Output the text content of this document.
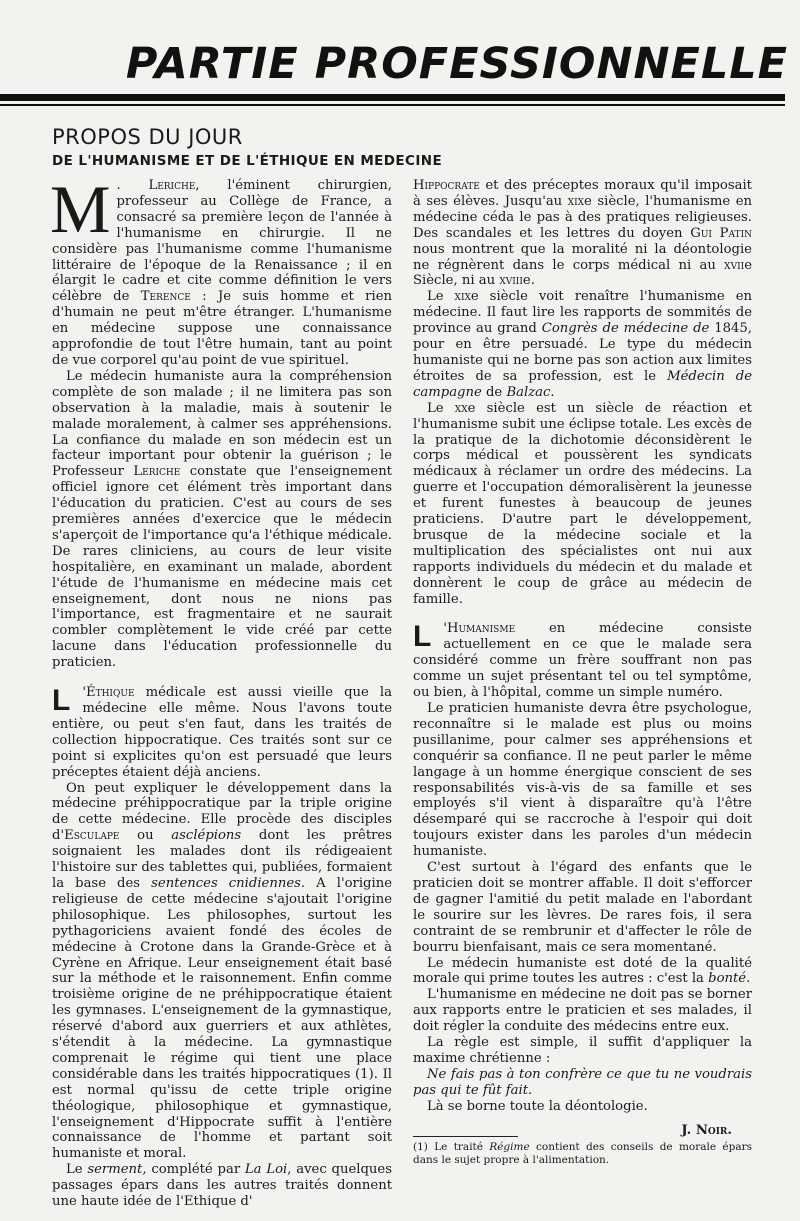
PARTIE PROFESSIONNELLE
PROPOS DU JOUR
DE L'HUMANISME ET DE L'ÉTHIQUE EN MEDECINE

M . Leriche, l'éminent chirurgien, professeur au Collège de France, a consacré sa première leçon de l'année à l'humanisme en chirurgie. Il ne considère pas l'humanisme comme l'humanisme littéraire de l'époque de la Renaissance ; il en élargit le cadre et cite comme définition le vers célèbre de Terence : Je suis homme et rien d'humain ne peut m'être étranger. L'humanisme en médecine suppose une connaissance approfondie de tout l'être humain, tant au point de vue corporel qu'au point de vue spirituel.

Le médecin humaniste aura la compréhension complète de son malade ; il ne limitera pas son observation à la maladie, mais à soutenir le malade moralement, à calmer ses appréhensions. La confiance du malade en son médecin est un facteur important pour obtenir la guérison ; le Professeur Leriche constate que l'enseignement officiel ignore cet élément très important dans l'éducation du praticien. C'est au cours de ses premières années d'exercice que le médecin s'aperçoit de l'importance qu'a l'éthique médicale. De rares cliniciens, au cours de leur visite hospitalière, en examinant un malade, abordent l'étude de l'humanisme en médecine mais cet enseignement, dont nous ne nions pas l'importance, est fragmentaire et ne saurait combler complètement le vide créé par cette lacune dans l'éducation professionnelle du praticien.

L 'Éthique médicale est aussi vieille que la médecine elle même. Nous l'avons toute entière, ou peut s'en faut, dans les traités de collection hippocratique. Ces traités sont sur ce point si explicites qu'on est persuadé que leurs préceptes étaient déjà anciens.

On peut expliquer le développement dans la médecine préhippocratique par la triple origine de cette médecine. Elle procède des disciples d'Esculape ou asclépions dont les prêtres soignaient les malades dont ils rédigeaient l'histoire sur des tablettes qui, publiées, formaient la base des sentences cnidiennes. A l'origine religieuse de cette médecine s'ajoutait l'origine philosophique. Les philosophes, surtout les pythagoriciens avaient fondé des écoles de médecine à Crotone dans la Grande-Grèce et à Cyrène en Afrique. Leur enseignement était basé sur la méthode et le raisonnement. Enfin comme troisième origine de ne préhippocratique étaient les gymnases. L'enseignement de la gymnastique, réservé d'abord aux guerriers et aux athlètes, s'étendit à la médecine. La gymnastique comprenait le régime qui tient une place considérable dans les traités hippocratiques (1). Il est normal qu'issu de cette triple origine théologique, philosophique et gymnastique, l'enseignement d'Hippocrate suffit à l'entière connaissance de l'homme et partant soit humaniste et moral.

Le serment, complété par La Loi, avec quelques passages épars dans les autres traités donnent une haute idée de l'Ethique d'

Hippocrate et des préceptes moraux qu'il imposait à ses élèves. Jusqu'au xixe siècle, l'humanisme en médecine céda le pas à des pratiques religieuses. Des scandales et les lettres du doyen Gui Patin nous montrent que la moralité ni la déontologie ne régnèrent dans le corps médical ni au xviie Siècle, ni au xviiie.

Le xixe siècle voit renaître l'humanisme en médecine. Il faut lire les rapports de sommités de province au grand Congrès de médecine de 1845, pour en être persuadé. Le type du médecin humaniste qui ne borne pas son action aux limites étroites de sa profession, est le Médecin de campagne de Balzac.

Le xxe siècle est un siècle de réaction et l'humanisme subit une éclipse totale. Les excès de la pratique de la dichotomie déconsidèrent le corps médical et poussèrent les syndicats médicaux à réclamer un ordre des médecins. La guerre et l'occupation démoralisèrent la jeunesse et furent funestes à beaucoup de jeunes praticiens. D'autre part le développement, brusque de la médecine sociale et la multiplication des spécialistes ont nui aux rapports individuels du médecin et du malade et donnèrent le coup de grâce au médecin de famille.

L 'Humanisme en médecine consiste actuellement en ce que le malade sera considéré comme un frère souffrant non pas comme un sujet présentant tel ou tel symptôme, ou bien, à l'hôpital, comme un simple numéro.

Le praticien humaniste devra être psychologue, reconnaître si le malade est plus ou moins pusillanime, pour calmer ses appréhensions et conquérir sa confiance. Il ne peut parler le même langage à un homme énergique conscient de ses responsabilités vis-à-vis de sa famille et ses employés s'il vient à disparaître qu'à l'être désemparé qui se raccroche à l'espoir qui doit toujours exister dans les paroles d'un médecin humaniste.

C'est surtout à l'égard des enfants que le praticien doit se montrer affable. Il doit s'efforcer de gagner l'amitié du petit malade en l'abordant le sourire sur les lèvres. De rares fois, il sera contraint de se rembrunir et d'affecter le rôle de bourru bienfaisant, mais ce sera momentané.

Le médecin humaniste est doté de la qualité morale qui prime toutes les autres : c'est la bonté.

L'humanisme en médecine ne doit pas se borner aux rapports entre le praticien et ses malades, il doit régler la conduite des médecins entre eux.

La règle est simple, il suffit d'appliquer la maxime chrétienne :

Ne fais pas à ton confrère ce que tu ne voudrais pas qui te fût fait.

Là se borne toute la déontologie.

J. Noir.
(1) Le traité Régime contient des conseils de morale épars dans le sujet propre à l'alimentation.
